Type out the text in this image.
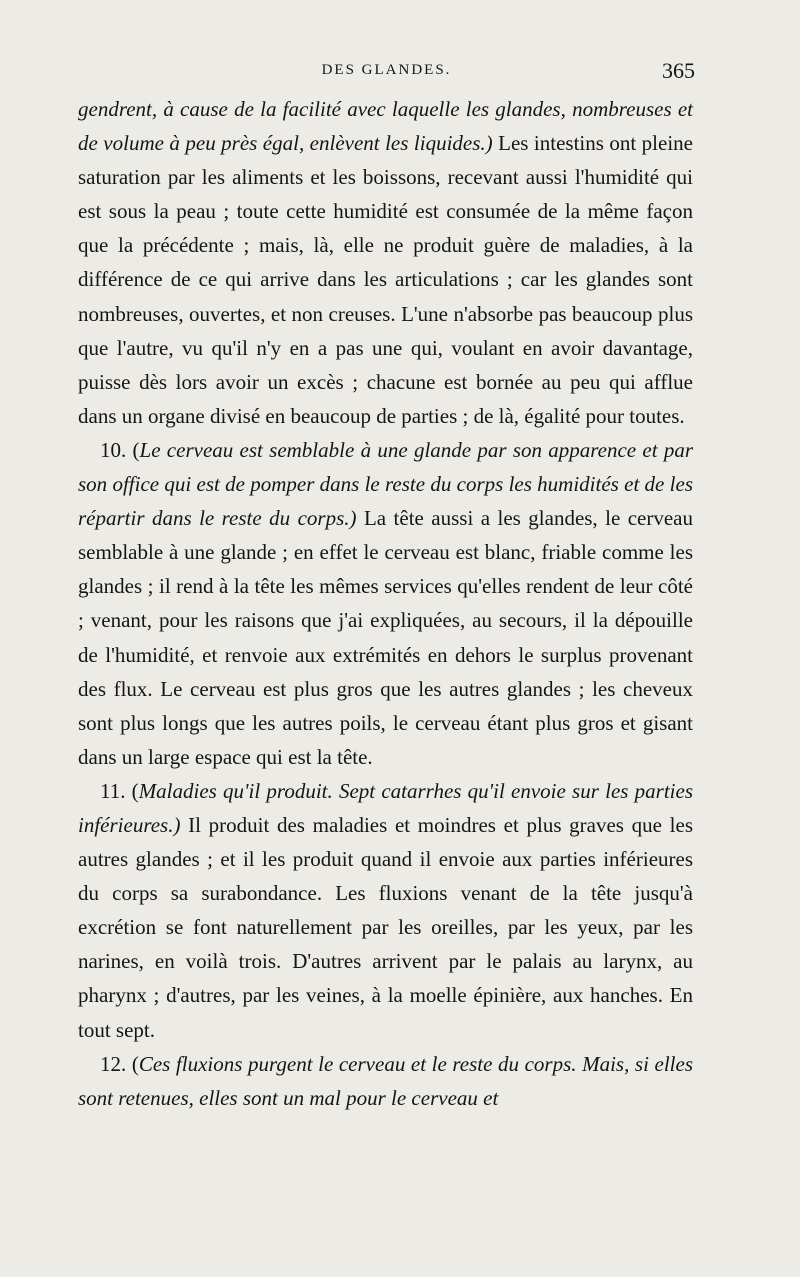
DES GLANDES.	365

gendrent, à cause de la facilité avec laquelle les glandes, nombreuses et de volume à peu près égal, enlèvent les liquides.) Les intestins ont pleine saturation par les aliments et les boissons, recevant aussi l'humidité qui est sous la peau ; toute cette humidité est consumée de la même façon que la précédente ; mais, là, elle ne produit guère de maladies, à la différence de ce qui arrive dans les articulations ; car les glandes sont nombreuses, ouvertes, et non creuses. L'une n'absorbe pas beaucoup plus que l'autre, vu qu'il n'y en a pas une qui, voulant en avoir davantage, puisse dès lors avoir un excès ; chacune est bornée au peu qui afflue dans un organe divisé en beaucoup de parties ; de là, égalité pour toutes.

10. (Le cerveau est semblable à une glande par son apparence et par son office qui est de pomper dans le reste du corps les humidités et de les répartir dans le reste du corps.) La tête aussi a les glandes, le cerveau semblable à une glande ; en effet le cerveau est blanc, friable comme les glandes ; il rend à la tête les mêmes services qu'elles rendent de leur côté ; venant, pour les raisons que j'ai expliquées, au secours, il la dépouille de l'humidité, et renvoie aux extrémités en dehors le surplus provenant des flux. Le cerveau est plus gros que les autres glandes ; les cheveux sont plus longs que les autres poils, le cerveau étant plus gros et gisant dans un large espace qui est la tête.

11. (Maladies qu'il produit. Sept catarrhes qu'il envoie sur les parties inférieures.) Il produit des maladies et moindres et plus graves que les autres glandes ; et il les produit quand il envoie aux parties inférieures du corps sa surabondance. Les fluxions venant de la tête jusqu'à excrétion se font naturellement par les oreilles, par les yeux, par les narines, en voilà trois. D'autres arrivent par le palais au larynx, au pharynx ; d'autres, par les veines, à la moelle épinière, aux hanches. En tout sept.

12. (Ces fluxions purgent le cerveau et le reste du corps. Mais, si elles sont retenues, elles sont un mal pour le cerveau et
